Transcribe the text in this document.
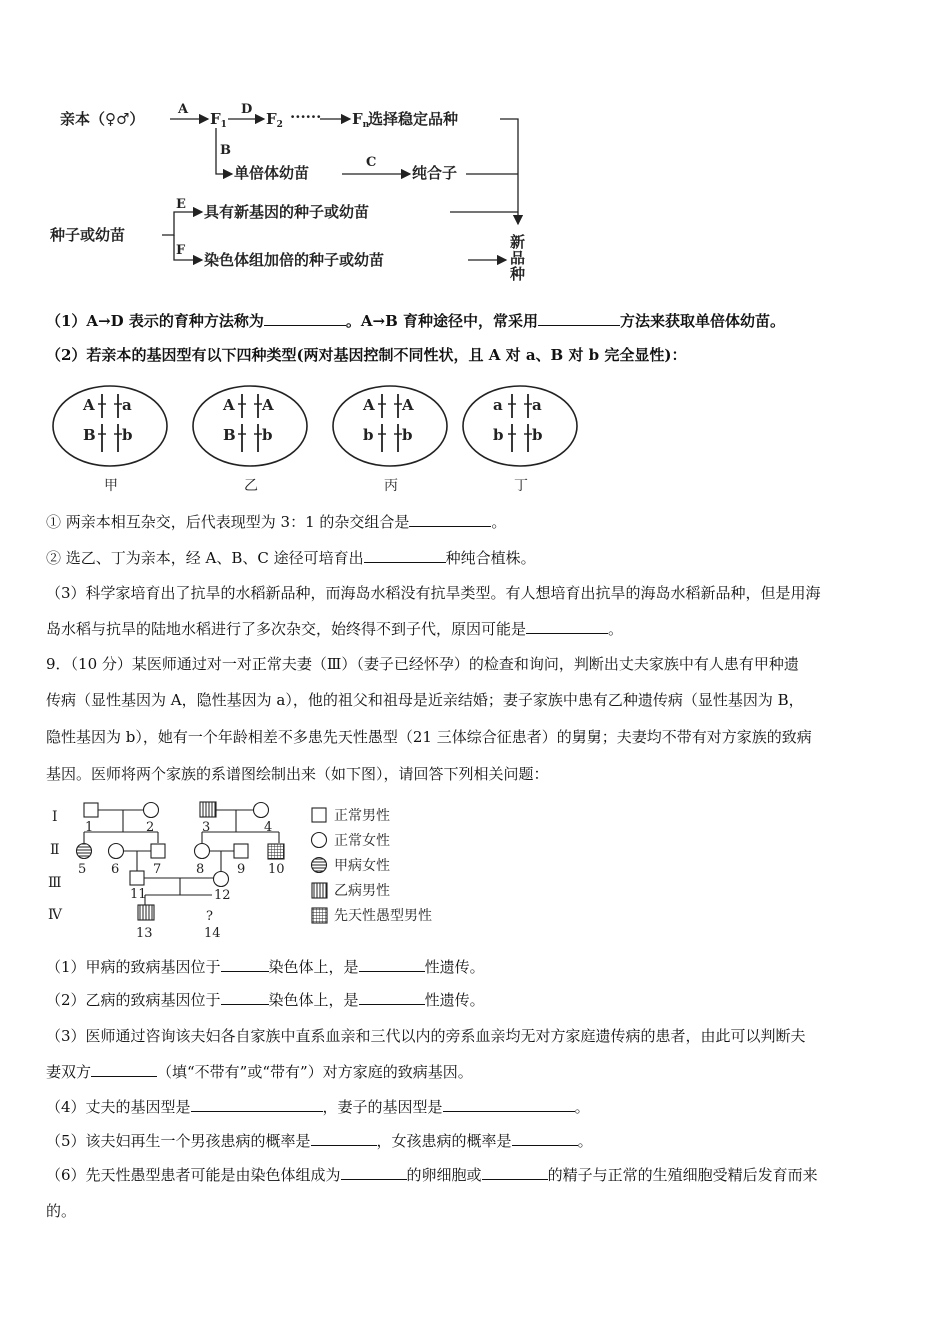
亲本（♀♂）
A
$F_1$
D
$F_2$ ······ $F_n$
选择稳定品种
B
单倍体幼苗
C
纯合子
种子或幼苗
E 具有新基因的种子或幼苗
F
染色体组加倍的种子或幼苗
新
品
种
（1）A→D 表示的育种方法称为	。A→B 育种途径中，常采用	方法来获取单倍体幼苗。
（2）若亲本的基因型有以下四种类型(两对基因控制不同性状，且 A 对 a、B 对 b 完全显性)：
A a
B b
甲
A A
B b
乙
A A
b b
丙
a a
b b
丁
① 两亲本相互杂交，后代表现型为 3：1 的杂交组合是	。
② 选乙、丁为亲本，经 A、B、C 途径可培育出	种纯合植株。
（3）科学家培育出了抗旱的水稻新品种，而海岛水稻没有抗旱类型。有人想培育出抗旱的海岛水稻新品种，但是用海
岛水稻与抗旱的陆地水稻进行了多次杂交，始终得不到子代，原因可能是	。
9．（10 分）某医师通过对一对正常夫妻（Ⅲ）（妻子已经怀孕）的检查和询问，判断出丈夫家族中有人患有甲种遗
传病（显性基因为 A，隐性基因为 a），他的祖父和祖母是近亲结婚；妻子家族中患有乙种遗传病（显性基因为 B，
隐性基因为 b），她有一个年龄相差不多患先天性愚型（21 三体综合征患者）的舅舅；夫妻均不带有对方家族的致病
基因。医师将两个家族的系谱图绘制出来（如下图），请回答下列相关问题：
Ⅰ
Ⅱ
Ⅲ
Ⅳ
1	2	3	4
5 6	7	8	9 10
11	12
13
?
14
正常男性
正常女性
甲病女性
乙病男性
先天性愚型男性
（1）甲病的致病基因位于	染色体上，是	性遗传。
（2）乙病的致病基因位于	染色体上，是	性遗传。
（3）医师通过咨询该夫妇各自家族中直系血亲和三代以内的旁系血亲均无对方家庭遗传病的患者，由此可以判断夫
妻双方	（填“不带有”或“带有”）对方家庭的致病基因。
（4）丈夫的基因型是	，妻子的基因型是	。
（5）该夫妇再生一个男孩患病的概率是	，女孩患病的概率是	。
（6）先天性愚型患者可能是由染色体组成为	的卵细胞或	的精子与正常的生殖细胞受精后发育而来
的。
